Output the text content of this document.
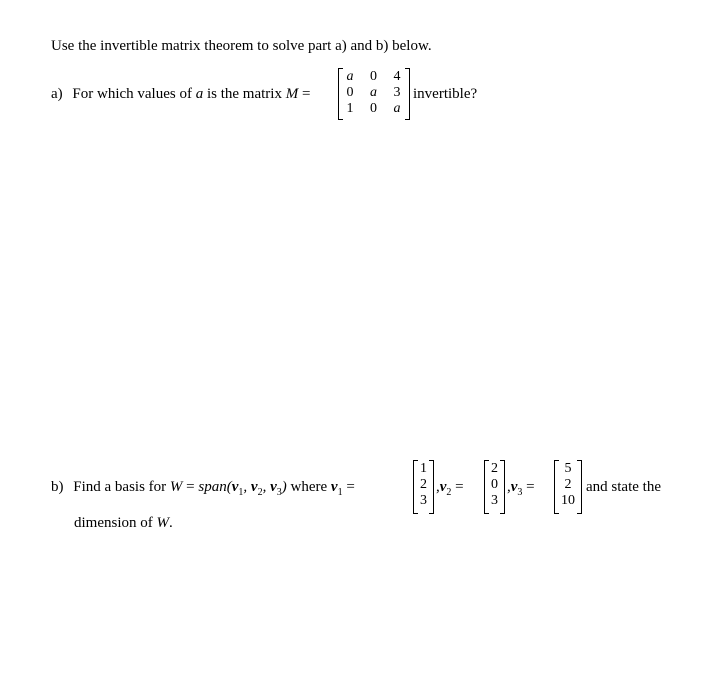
Use the invertible matrix theorem to solve part a) and b) below.
a) For which values of a is the matrix M =
a 0 4
0 a 3
1 0 a
invertible?
b) Find a basis for $W = span(v_1$, $v_2$, $v_3$) where $v_1$ =
1
2
3
$,v_2$ =
2
0
3
$,v_3$ =
5
2
10
and state the
dimension of W.
